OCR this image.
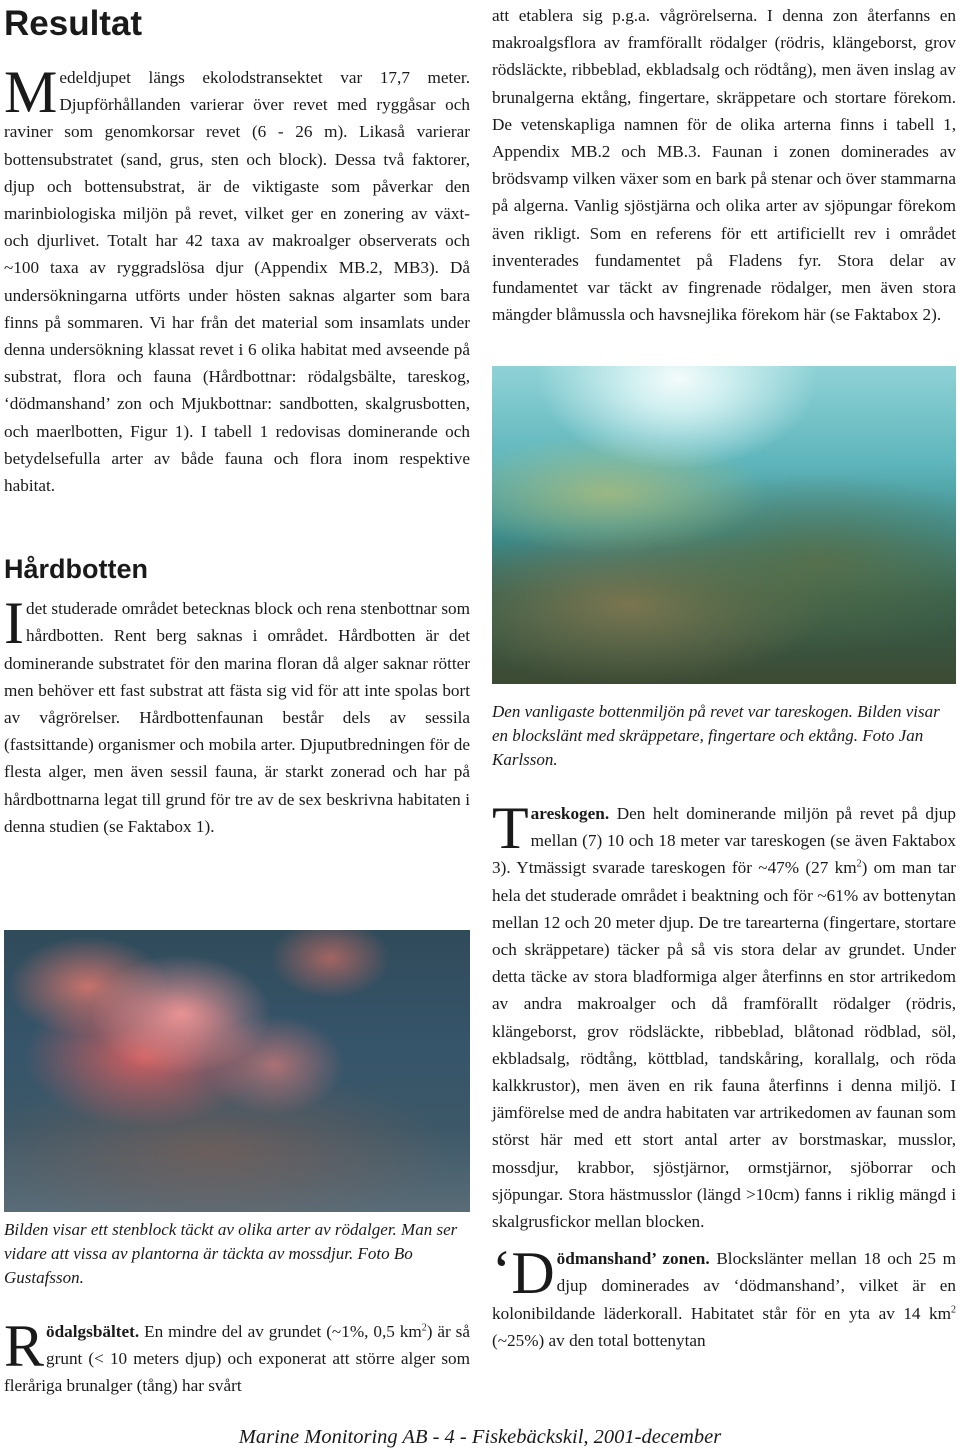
Resultat

Medeldjupet längs ekolodstransektet var 17,7 meter. Djupförhållanden varierar över revet med ryggåsar och raviner som genomkorsar revet (6 - 26 m). Likaså varierar bottensubstratet (sand, grus, sten och block). Dessa två faktorer, djup och bottensubstrat, är de viktigaste som påverkar den marinbiologiska miljön på revet, vilket ger en zonering av växt- och djurlivet. Totalt har 42 taxa av makroalger observerats och ~100 taxa av ryggradslösa djur (Appendix MB.2, MB3). Då undersökningarna utförts under hösten saknas algarter som bara finns på sommaren. Vi har från det material som insamlats under denna undersökning klassat revet i 6 olika habitat med avseende på substrat, flora och fauna (Hårdbottnar: rödalgsbälte, tareskog, ‘dödmanshand’ zon och Mjukbottnar: sandbotten, skalgrusbotten, och maerlbotten, Figur 1). I tabell 1 redovisas dominerande och betydelsefulla arter av både fauna och flora inom respektive habitat.

Hårdbotten

Idet studerade området betecknas block och rena stenbottnar som hårdbotten. Rent berg saknas i området. Hårdbotten är det dominerande substratet för den marina floran då alger saknar rötter men behöver ett fast substrat att fästa sig vid för att inte spolas bort av vågrörelser. Hårdbottenfaunan består dels av sessila (fastsittande) organismer och mobila arter. Djuputbredningen för de flesta alger, men även sessil fauna, är starkt zonerad och har på hårdbottnarna legat till grund för tre av de sex beskrivna habitaten i denna studien (se Faktabox 1).

Bilden visar ett stenblock täckt av olika arter av rödalger. Man ser vidare att vissa av plantorna är täckta av mossdjur. Foto Bo Gustafsson.

Rödalgsbältet. En mindre del av grundet (~1%, 0,5 $km^2$) är så grunt (< 10 meters djup) och exponerat att större alger som fleråriga brunalger (tång) har svårt

att etablera sig p.g.a. vågrörelserna. I denna zon återfanns en makroalgsflora av framförallt rödalger (rödris, klängeborst, grov rödsläckte, ribbeblad, ekbladsalg och rödtång), men även inslag av brunalgerna ektång, fingertare, skräppetare och stortare förekom. De vetenskapliga namnen för de olika arterna finns i tabell 1, Appendix MB.2 och MB.3. Faunan i zonen dominerades av brödsvamp vilken växer som en bark på stenar och över stammarna på algerna. Vanlig sjöstjärna och olika arter av sjöpungar förekom även rikligt. Som en referens för ett artificiellt rev i området inventerades fundamentet på Fladens fyr. Stora delar av fundamentet var täckt av fingrenade rödalger, men även stora mängder blåmussla och havsnejlika förekom här (se Faktabox 2).

Den vanligaste bottenmiljön på revet var tareskogen. Bilden visar en blockslänt med skräppetare, fingertare och ektång. Foto Jan Karlsson.

Tareskogen. Den helt dominerande miljön på revet på djup mellan (7) 10 och 18 meter var tareskogen (se även Faktabox 3). Ytmässigt svarade tareskogen för ~47% (27 $km^2$) om man tar hela det studerade området i beaktning och för ~61% av bottenytan mellan 12 och 20 meter djup. De tre tarearterna (fingertare, stortare och skräppetare) täcker på så vis stora delar av grundet. Under detta täcke av stora bladformiga alger återfinns en stor artrikedom av andra makroalger och då framförallt rödalger (rödris, klängeborst, grov rödsläckte, ribbeblad, blåtonad rödblad, söl, ekbladsalg, rödtång, köttblad, tandskåring, korallalg, och röda kalkkrustor), men även en rik fauna återfinns i denna miljö. I jämförelse med de andra habitaten var artrikedomen av faunan som störst här med ett stort antal arter av borstmaskar, musslor, mossdjur, krabbor, sjöstjärnor, ormstjärnor, sjöborrar och sjöpungar. Stora hästmusslor (längd >10cm) fanns i riklig mängd i skalgrusfickor mellan blocken.

‘ D ödmanshand’ zonen. Blockslänter mellan 18 och 25 m djup dominerades av ‘dödmanshand’, vilket är en kolonibildande läderkorall. Habitatet står för en yta av 14 $km^2$ (~25%) av den total bottenytan

Marine Monitoring AB - 4 - Fiskebäckskil, 2001-december
